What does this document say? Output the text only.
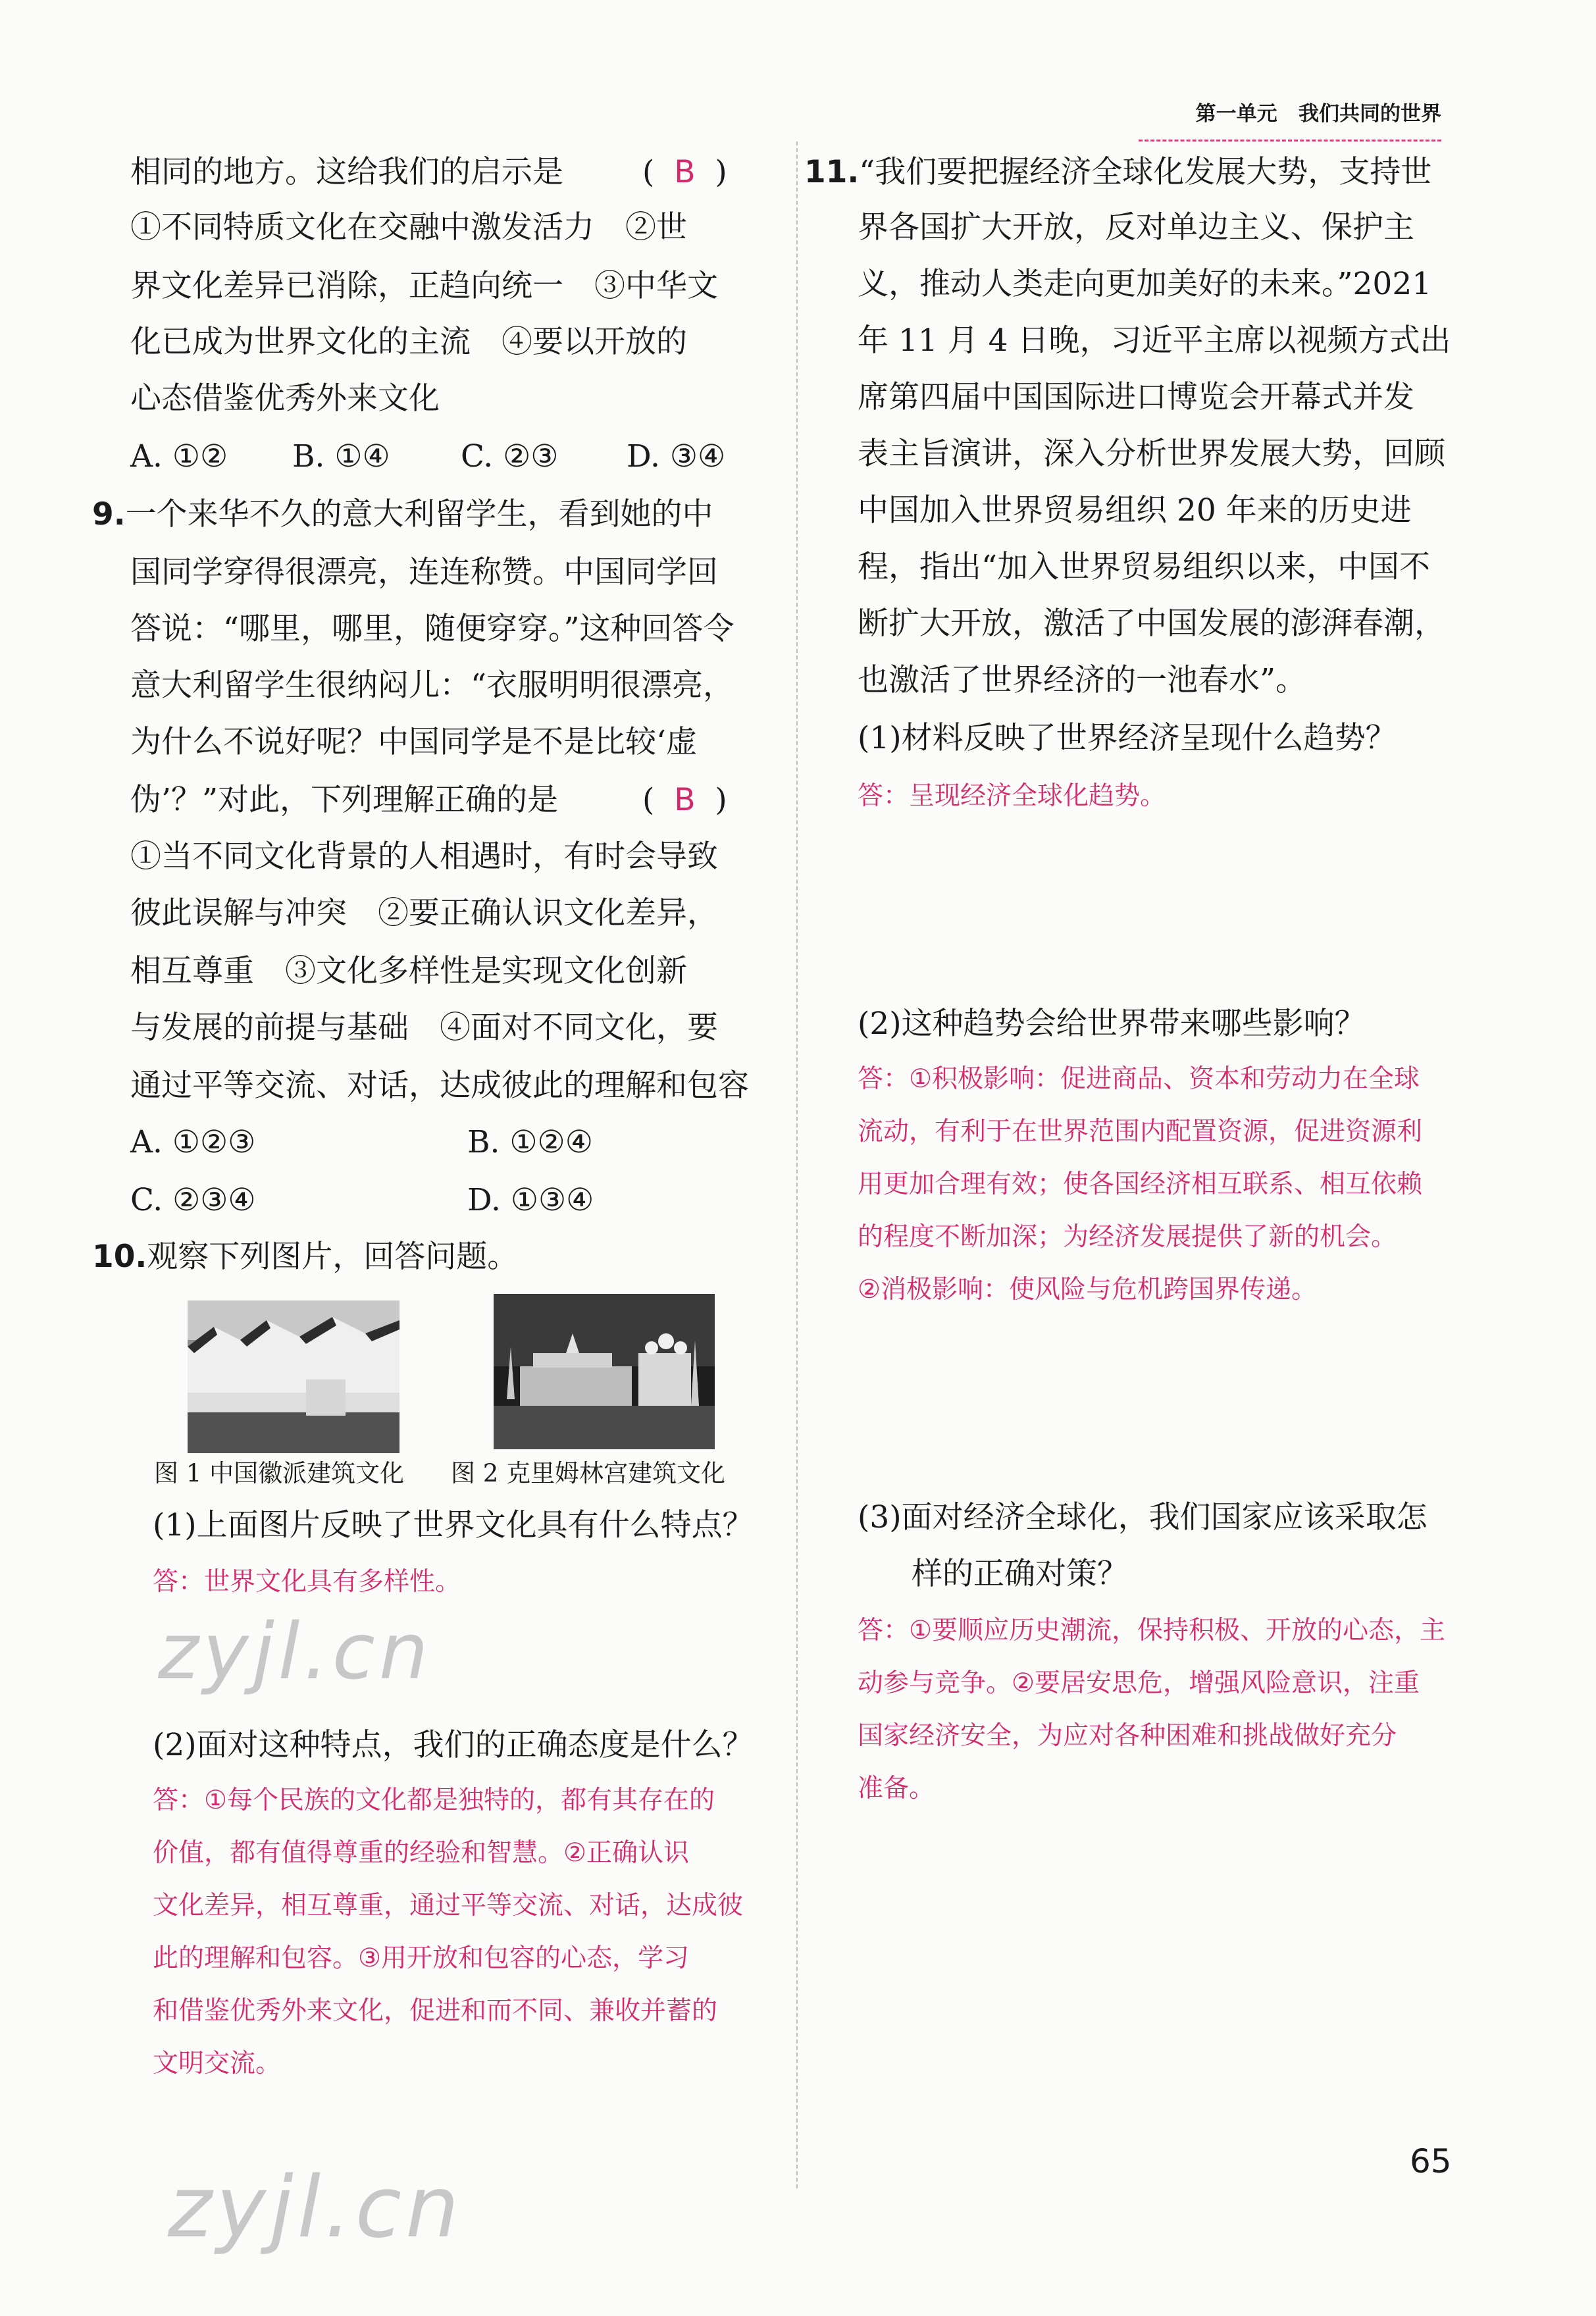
第一单元 我们共同的世界
相同的地方。这给我们的启示是	(  B  )
①不同特质文化在交融中激发活力　②世
界文化差异已消除，正趋向统一　③中华文
化已成为世界文化的主流　④要以开放的
心态借鉴优秀外来文化
A. ①② B. ①④ C. ②③ D. ③④
9.一个来华不久的意大利留学生，看到她的中
国同学穿得很漂亮，连连称赞。中国同学回
答说：“哪里，哪里，随便穿穿。”这种回答令
意大利留学生很纳闷儿：“衣服明明很漂亮，
为什么不说好呢？中国同学是不是比较‘虚
伪’？”对此，下列理解正确的是	(  B  )
①当不同文化背景的人相遇时，有时会导致
彼此误解与冲突　②要正确认识文化差异，
相互尊重　③文化多样性是实现文化创新
与发展的前提与基础　④面对不同文化，要
通过平等交流、对话，达成彼此的理解和包容
A. ①②③	B. ①②④
C. ②③④	D. ①③④
10.观察下列图片，回答问题。
图 1 中国徽派建筑文化 图 2 克里姆林宫建筑文化
(1)上面图片反映了世界文化具有什么特点？
答：世界文化具有多样性。
(2)面对这种特点，我们的正确态度是什么？
答：①每个民族的文化都是独特的，都有其存在的
价值，都有值得尊重的经验和智慧。②正确认识
文化差异，相互尊重，通过平等交流、对话，达成彼
此的理解和包容。③用开放和包容的心态，学习
和借鉴优秀外来文化，促进和而不同、兼收并蓄的
文明交流。
11.“我们要把握经济全球化发展大势，支持世
界各国扩大开放，反对单边主义、保护主
义，推动人类走向更加美好的未来。”2021
年 11 月 4 日晚，习近平主席以视频方式出
席第四届中国国际进口博览会开幕式并发
表主旨演讲，深入分析世界发展大势，回顾
中国加入世界贸易组织 20 年来的历史进
程，指出“加入世界贸易组织以来，中国不
断扩大开放，激活了中国发展的澎湃春潮，
也激活了世界经济的一池春水”。
(1)材料反映了世界经济呈现什么趋势？
答：呈现经济全球化趋势。
(2)这种趋势会给世界带来哪些影响？
答：①积极影响：促进商品、资本和劳动力在全球
流动，有利于在世界范围内配置资源，促进资源利
用更加合理有效；使各国经济相互联系、相互依赖
的程度不断加深；为经济发展提供了新的机会。
②消极影响：使风险与危机跨国界传递。
(3)面对经济全球化，我们国家应该采取怎
样的正确对策？
答：①要顺应历史潮流，保持积极、开放的心态，主
动参与竞争。②要居安思危，增强风险意识，注重
国家经济安全，为应对各种困难和挑战做好充分
准备。
zyjl.cn
zyjl.cn	65
